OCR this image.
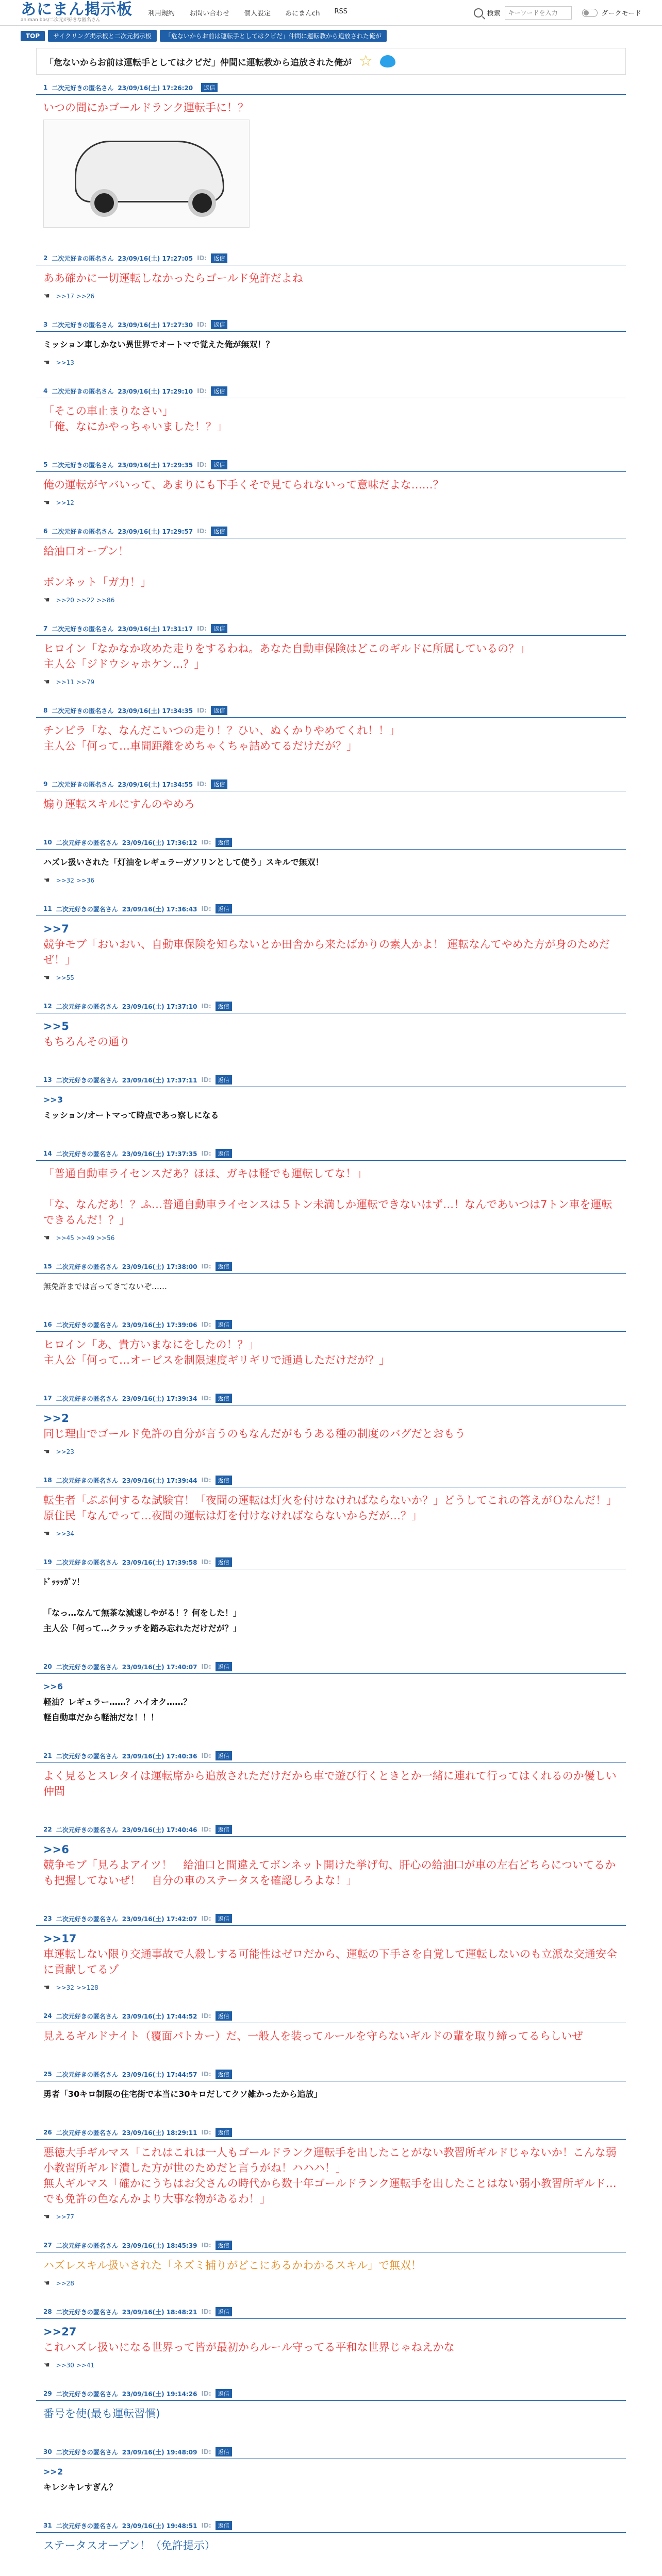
あにまん掲示板
animan bbs/二次元が好きな匿名さん
利用規約 お問い合わせ 個人設定 あにまんch RSS	検索
キーワードを入力	ダークモード
TOP	サイクリング掲示板と二次元掲示板	「危ないからお前は運転手としてはクビだ」仲間に運転教から追放された俺が
「危ないからお前は運転手としてはクビだ」仲間に運転教から追放された俺が ☆
1 二次元好きの匿名さん 23/09/16(土) 17:26:20	返信
いつの間にかゴールドランク運転手に！？
2 二次元好きの匿名さん 23/09/16(土) 17:27:05 ID:	返信
ああ確かに一切運転しなかったらゴールド免許だよね
☚ >>17 >>26
3 二次元好きの匿名さん 23/09/16(土) 17:27:30 ID:	返信
ミッション車しかない異世界でオートマで覚えた俺が無双！？
☚ >>13
4 二次元好きの匿名さん 23/09/16(土) 17:29:10 ID:	返信
「そこの車止まりなさい」
「俺、なにかやっちゃいました！？」
5 二次元好きの匿名さん 23/09/16(土) 17:29:35 ID:	返信
俺の運転がヤバいって、あまりにも下手くそで見てられないって意味だよな……？
☚ >>12
6 二次元好きの匿名さん 23/09/16(土) 17:29:57 ID:	返信
給油口オープン！

ボンネット「ガ力！」
☚ >>20 >>22 >>86
7 二次元好きの匿名さん 23/09/16(土) 17:31:17 ID:	返信
ヒロイン「なかなか攻めた走りをするわね。あなた自動車保険はどこのギルドに所属しているの？」
主人公「ジドウシャホケン…？」
☚ >>11 >>79
8 二次元好きの匿名さん 23/09/16(土) 17:34:35 ID:	返信
チンピラ「な、なんだこいつの走り！？ひい、ぬくかりやめてくれ！！」
主人公「何って…車間距離をめちゃくちゃ詰めてるだけだが？」
9 二次元好きの匿名さん 23/09/16(土) 17:34:55 ID:	返信
煽り運転スキルにすんのやめろ
10 二次元好きの匿名さん 23/09/16(土) 17:36:12 ID:	返信
ハズレ扱いされた「灯油をレギュラーガソリンとして使う」スキルで無双！
☚ >>32 >>36
11 二次元好きの匿名さん 23/09/16(土) 17:36:43 ID:	返信
>>7
競争モブ「おいおい、自動車保険を知らないとか田舎から来たばかりの素人かよ！ 運転なんてやめた方が身のためだぜ！」
☚ >>55
12 二次元好きの匿名さん 23/09/16(土) 17:37:10 ID:	返信
>>5
もちろんその通り
13 二次元好きの匿名さん 23/09/16(土) 17:37:11 ID:	返信
>>3
ミッション/オートマって時点であっ察しになる
14 二次元好きの匿名さん 23/09/16(土) 17:37:35 ID:	返信
「普通自動車ライセンスだあ？ほほ、ガキは軽でも運転してな！」

「な、なんだあ！？ふ…普通自動車ライセンスは５トン未満しか運転できないはず…！なんであいつは7トン車を運転できるんだ！？」
☚ >>45 >>49 >>56
15 二次元好きの匿名さん 23/09/16(土) 17:38:00 ID:	返信
無免許までは言ってきてないぞ……
16 二次元好きの匿名さん 23/09/16(土) 17:39:06 ID:	返信
ヒロイン「あ、貴方いまなにをしたの！？」
主人公「何って…オービスを制限速度ギリギリで通過しただけだが？」
17 二次元好きの匿名さん 23/09/16(土) 17:39:34 ID:	返信
>>2
同じ理由でゴールド免許の自分が言うのもなんだがもうある種の制度のバグだとおもう
☚ >>23
18 二次元好きの匿名さん 23/09/16(土) 17:39:44 ID:	返信
転生者「ぷぷ何するな試験官！「夜間の運転は灯火を付けなければならないか？」どうしてこれの答えがＯなんだ！」
原住民「なんでって…夜間の運転は灯を付けなければならないからだが…？」
☚ >>34
19 二次元好きの匿名さん 23/09/16(土) 17:39:58 ID:	返信
ﾄﾞｯｯｯｶﾞﾝ！

「なっ…なんて無茶な減速しやがる！？何をした！」
主人公「何って…クラッチを踏み忘れただけだが？」
20 二次元好きの匿名さん 23/09/16(土) 17:40:07 ID:	返信
>>6
軽油？レギュラー……？ハイオク……？
軽自動車だから軽油だな！！！
21 二次元好きの匿名さん 23/09/16(土) 17:40:36 ID:	返信
よく見るとスレタイは運転席から追放されただけだから車で遊び行くときとか一緒に連れて行ってはくれるのか優しい仲間
22 二次元好きの匿名さん 23/09/16(土) 17:40:46 ID:	返信
>>6
競争モブ「見ろよアイツ！　給油口と間違えてボンネット開けた挙げ句、肝心の給油口が車の左右どちらについてるかも把握してないぜ！　自分の車のステータスを確認しろよな！」
23 二次元好きの匿名さん 23/09/16(土) 17:42:07 ID:	返信
>>17
車運転しない限り交通事故で人殺しする可能性はゼロだから、運転の下手さを自覚して運転しないのも立派な交通安全に貢献してるゾ
☚ >>32 >>128
24 二次元好きの匿名さん 23/09/16(土) 17:44:52 ID:	返信
見えるギルドナイト（覆面パトカー）だ、一般人を装ってルールを守らないギルドの輩を取り締ってるらしいぜ
25 二次元好きの匿名さん 23/09/16(土) 17:44:57 ID:	返信
勇者「30キロ制限の住宅街で本当に30キロだしてクソ雑かったから追放」
26 二次元好きの匿名さん 23/09/16(土) 18:29:11 ID:	返信
悪徳大手ギルマス「これはこれは一人もゴールドランク運転手を出したことがない教習所ギルドじゃないか！こんな弱小教習所ギルド潰した方が世のためだと言うがね！ハハハ！」
無人ギルマス「確かにうちはお父さんの時代から数十年ゴールドランク運転手を出したことはない弱小教習所ギルド…でも免許の色なんかより大事な物があるわ！」
☚ >>77
27 二次元好きの匿名さん 23/09/16(土) 18:45:39 ID:	返信
ハズレスキル扱いされた「ネズミ捕りがどこにあるかわかるスキル」で無双！
☚ >>28
28 二次元好きの匿名さん 23/09/16(土) 18:48:21 ID:	返信
>>27
これハズレ扱いになる世界って皆が最初からルール守ってる平和な世界じゃねえかな
☚ >>30 >>41
29 二次元好きの匿名さん 23/09/16(土) 19:14:26 ID:	返信
番号を使(最も運転習慣)
30 二次元好きの匿名さん 23/09/16(土) 19:48:09 ID:	返信
>>2
キレシキレすぎん？
31 二次元好きの匿名さん 23/09/16(土) 19:48:51 ID:	返信
ステータスオープン！（免許提示）
